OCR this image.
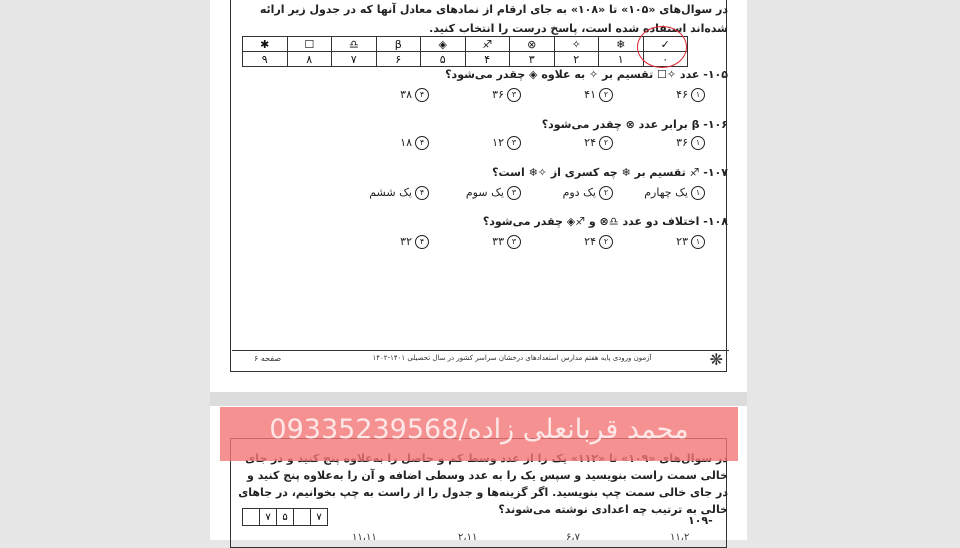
در سوال‌های «۱۰۵» تا «۱۰۸» به جای ارقام از نمادهای معادل آنها که در جدول زیر ارائه شده‌اند استفاده شده است، پاسخ درست را انتخاب کنید.
✱	☐	♎	β	◈	♐	⊗	✧	❄	✓
۹	۸	۷	۶	۵	۴	۳	۲	۱	۰
۱۰۵- عدد ✧☐ تقسیم بر ✧ به علاوه ◈ چقدر می‌شود؟
۱۴۶
۲۴۱
۳۳۶
۴۳۸
۱۰۶- β برابر عدد ⊗ چقدر می‌شود؟
۱۳۶
۲۲۴
۳۱۲
۴۱۸
۱۰۷- ♐ تقسیم بر ❄ چه کسری از ✧❄ است؟
۱یک چهارم
۲یک دوم
۳یک سوم
۴یک ششم
۱۰۸- اختلاف دو عدد ♎⊗ و ♐◈ چقدر می‌شود؟
۱۲۳
۲۲۴
۳۳۳
۴۳۲
صفحه ۶	آزمون ورودی پایه هفتم مدارس استعدادهای درخشان سراسر کشور در سال تحصیلی ۱۴۰۱-۱۴۰۲	❋
خالی سمت راست بنویسید و سپس یک را به عدد وسطی اضافه و آن را به‌علاوه پنج کنید و در جای خالی سمت چپ بنویسید. اگر گزینه‌ها و جدول را از راست به چپ بخوانیم، در جاهای خالی به ترتیب چه اعدادی نوشته می‌شوند؟
	۷	۵		۷	-۱۰۹
۱۱،۱۱	۲،۱۱	۶،۷	۱۱،۲
محمد قربانعلی زاده/09335239568
